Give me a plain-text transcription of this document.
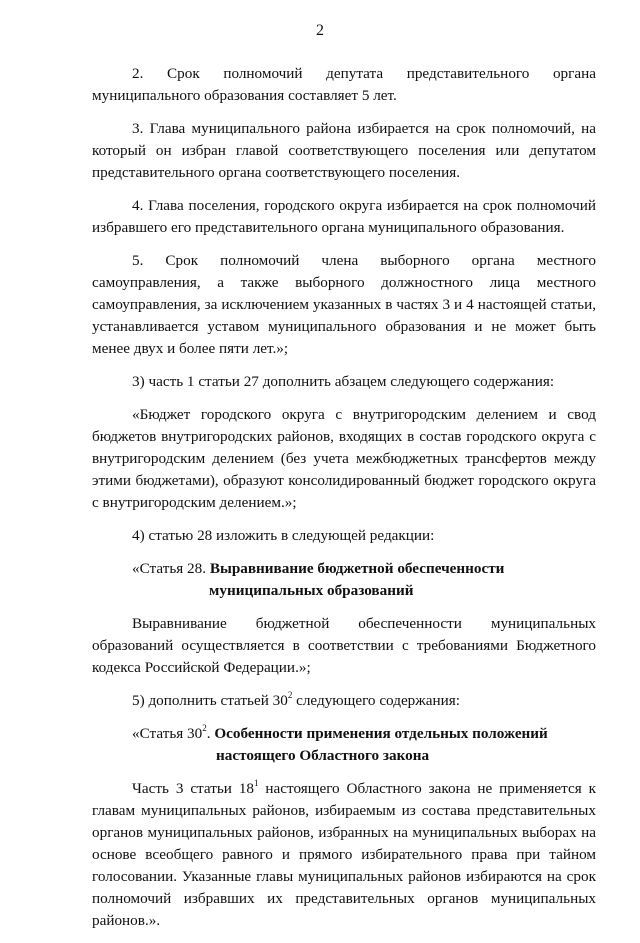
2

2. Срок полномочий депутата представительного органа муниципального образования составляет 5 лет.

3. Глава муниципального района избирается на срок полномочий, на который он избран главой соответствующего поселения или депутатом представительного органа соответствующего поселения.

4. Глава поселения, городского округа избирается на срок полномочий избравшего его представительного органа муниципального образования.

5. Срок полномочий члена выборного органа местного самоуправления, а также выборного должностного лица местного самоуправления, за исключением указанных в частях 3 и 4 настоящей статьи, устанавливается уставом муниципального образования и не может быть менее двух и более пяти лет.»;

3) часть 1 статьи 27 дополнить абзацем следующего содержания:

«Бюджет городского округа с внутригородским делением и свод бюджетов внутригородских районов, входящих в состав городского округа с внутригородским делением (без учета межбюджетных трансфертов между этими бюджетами), образуют консолидированный бюджет городского округа с внутригородским делением.»;

4) статью 28 изложить в следующей редакции:

«Статья 28. Выравнивание бюджетной обеспеченности
муниципальных образований

Выравнивание бюджетной обеспеченности муниципальных образований осуществляется в соответствии с требованиями Бюджетного кодекса Российской Федерации.»;

5) дополнить статьей $30^2$ следующего содержания:

«Статья $30^2$. Особенности применения отдельных положений
настоящего Областного закона

Часть 3 статьи $18^1$ настоящего Областного закона не применяется к главам муниципальных районов, избираемым из состава представительных органов муниципальных районов, избранных на муниципальных выборах на основе всеобщего равного и прямого избирательного права при тайном голосовании. Указанные главы муниципальных районов избираются на срок полномочий избравших их представительных органов муниципальных районов.».
